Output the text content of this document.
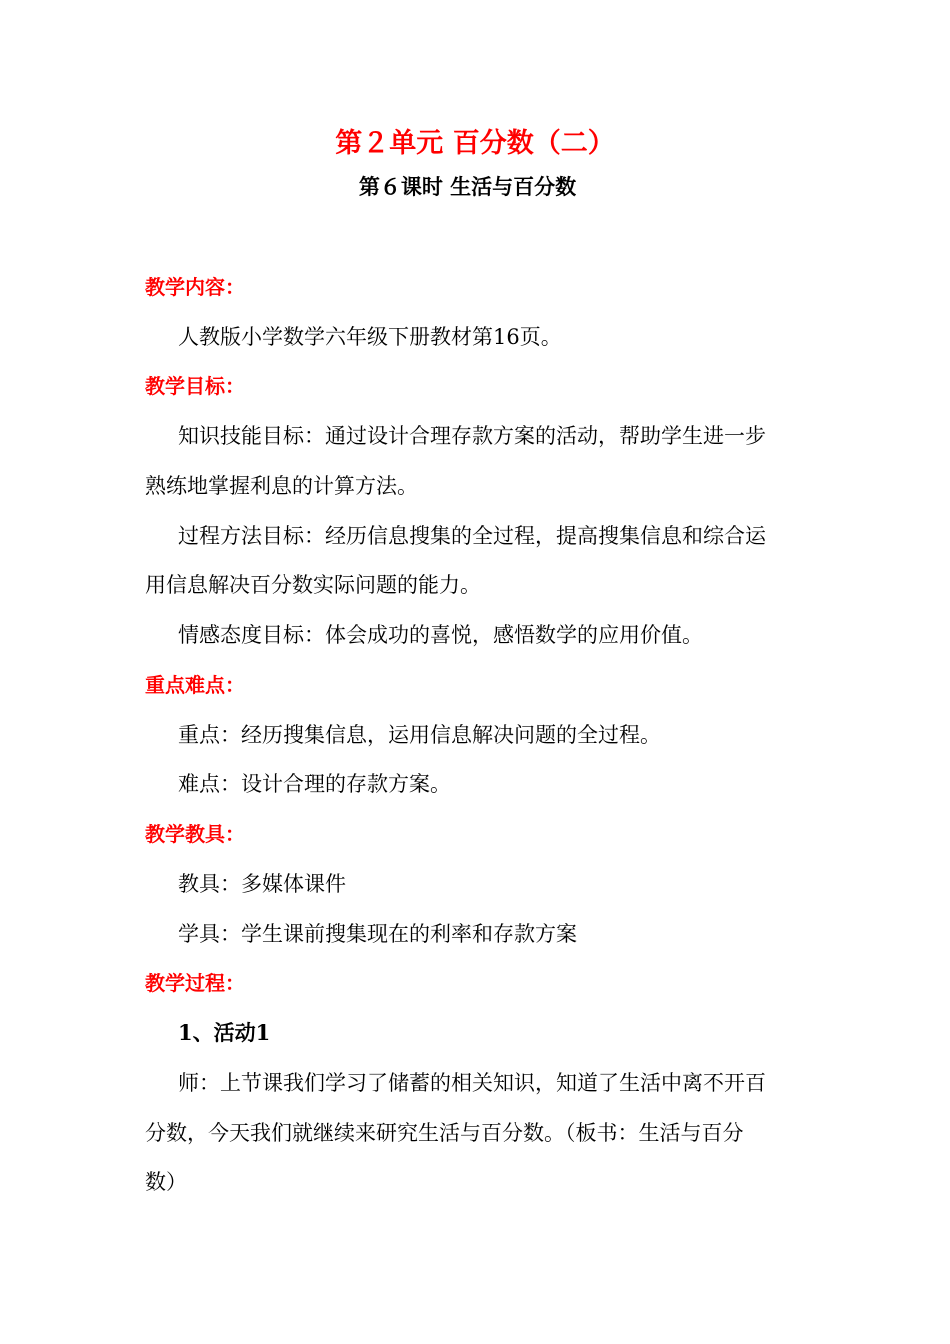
第２单元 百分数（二）
第６课时 生活与百分数
教学内容：
人教版小学数学六年级下册教材第16页。
教学目标：
知识技能目标：通过设计合理存款方案的活动，帮助学生进一步
熟练地掌握利息的计算方法。
过程方法目标：经历信息搜集的全过程，提高搜集信息和综合运
用信息解决百分数实际问题的能力。
情感态度目标：体会成功的喜悦，感悟数学的应用价值。
重点难点：
重点：经历搜集信息，运用信息解决问题的全过程。
难点：设计合理的存款方案。
教学教具：
教具：多媒体课件
学具：学生课前搜集现在的利率和存款方案
教学过程：
1、活动1
师：上节课我们学习了储蓄的相关知识，知道了生活中离不开百
分数，今天我们就继续来研究生活与百分数。（板书：生活与百分
数）
